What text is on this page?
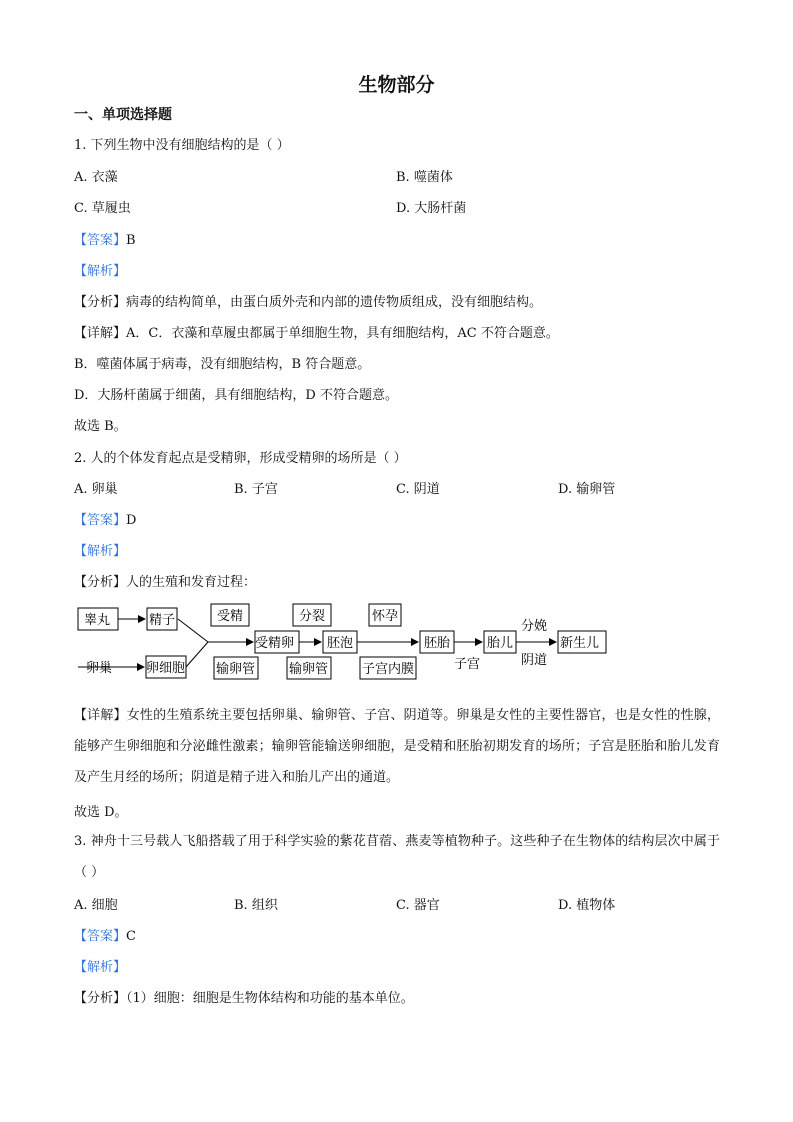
生物部分
一、单项选择题
1. 下列生物中没有细胞结构的是（ ）
A. 衣藻	B. 噬菌体
C. 草履虫	D. 大肠杆菌
【答案】B
【解析】
【分析】病毒的结构简单，由蛋白质外壳和内部的遗传物质组成，没有细胞结构。
【详解】A．C．衣藻和草履虫都属于单细胞生物，具有细胞结构，AC 不符合题意。
B．噬菌体属于病毒，没有细胞结构，B 符合题意。
D．大肠杆菌属于细菌，具有细胞结构，D 不符合题意。
故选 B。
2. 人的个体发育起点是受精卵，形成受精卵的场所是（ ）
A. 卵巢	B. 子宫	C. 阴道	D. 输卵管
【答案】D
【解析】
【分析】人的生殖和发育过程：
睾丸	精子
卵巢	卵细胞
受精
输卵管
受精卵
分裂
输卵管
胚泡
怀孕
子宫内膜
胚胎
子宫
胎儿
分娩
阴道
新生儿
【详解】女性的生殖系统主要包括卵巢、输卵管、子宫、阴道等。卵巢是女性的主要性器官，也是女性的性腺，能够产生卵细胞和分泌雌性激素；输卵管能输送卵细胞，是受精和胚胎初期发育的场所；子宫是胚胎和胎儿发育及产生月经的场所；阴道是精子进入和胎儿产出的通道。
故选 D。
3. 神舟十三号载人飞船搭载了用于科学实验的紫花苜蓿、燕麦等植物种子。这些种子在生物体的结构层次中属于（ ）
A. 细胞	B. 组织	C. 器官	D. 植物体
【答案】C
【解析】
【分析】（1）细胞：细胞是生物体结构和功能的基本单位。
